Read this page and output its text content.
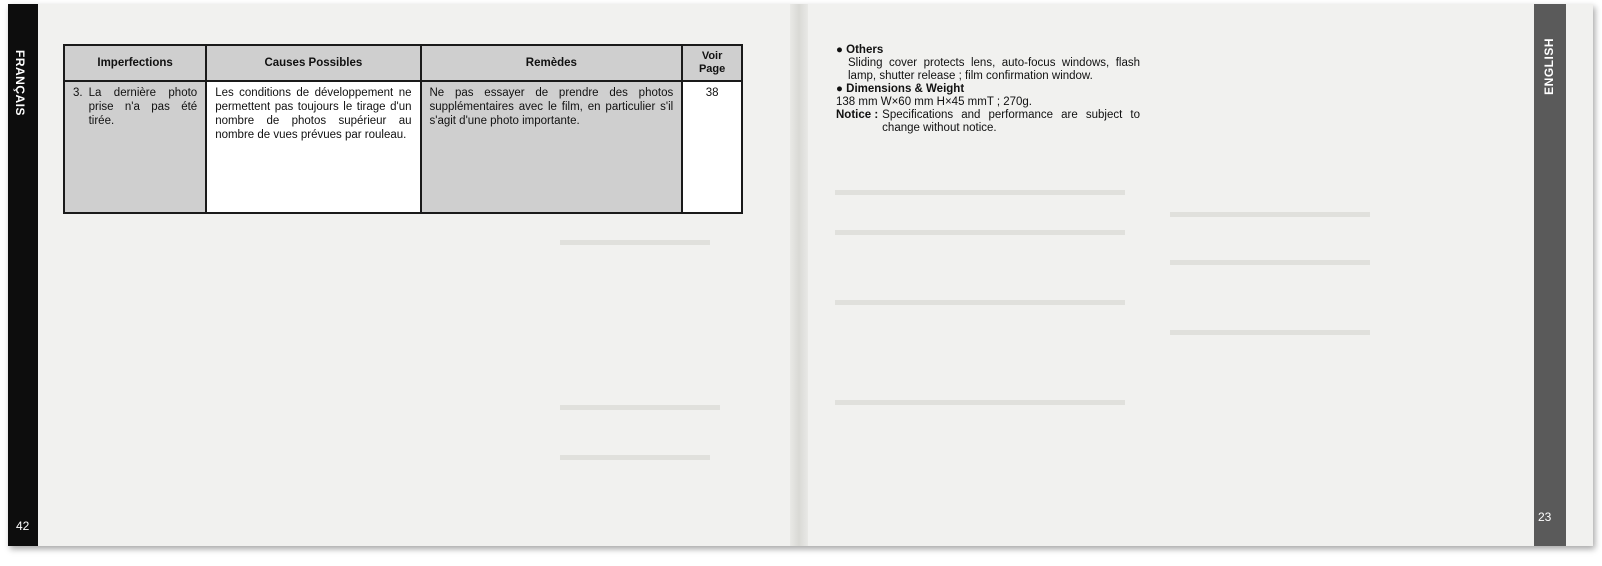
FRANÇAIS
42
Imperfections	Causes Possibles	Remèdes	Voir Page

3. La dernière photo prise n'a pas été tirée.	Les conditions de développement ne permettent pas toujours le tirage d'un nombre de photos supérieur au nombre de vues prévues par rouleau.	Ne pas essayer de prendre des photos supplémentaires avec le film, en particulier s'il s'agit d'une photo importante.	38
● Others
Sliding cover protects lens, auto-focus windows, flash lamp, shutter release ; film confirmation window.
● Dimensions & Weight
138 mm W×60 mm H×45 mmT ; 270g.
Notice : Specifications and performance are subject to change without notice.
ENGLISH
23
